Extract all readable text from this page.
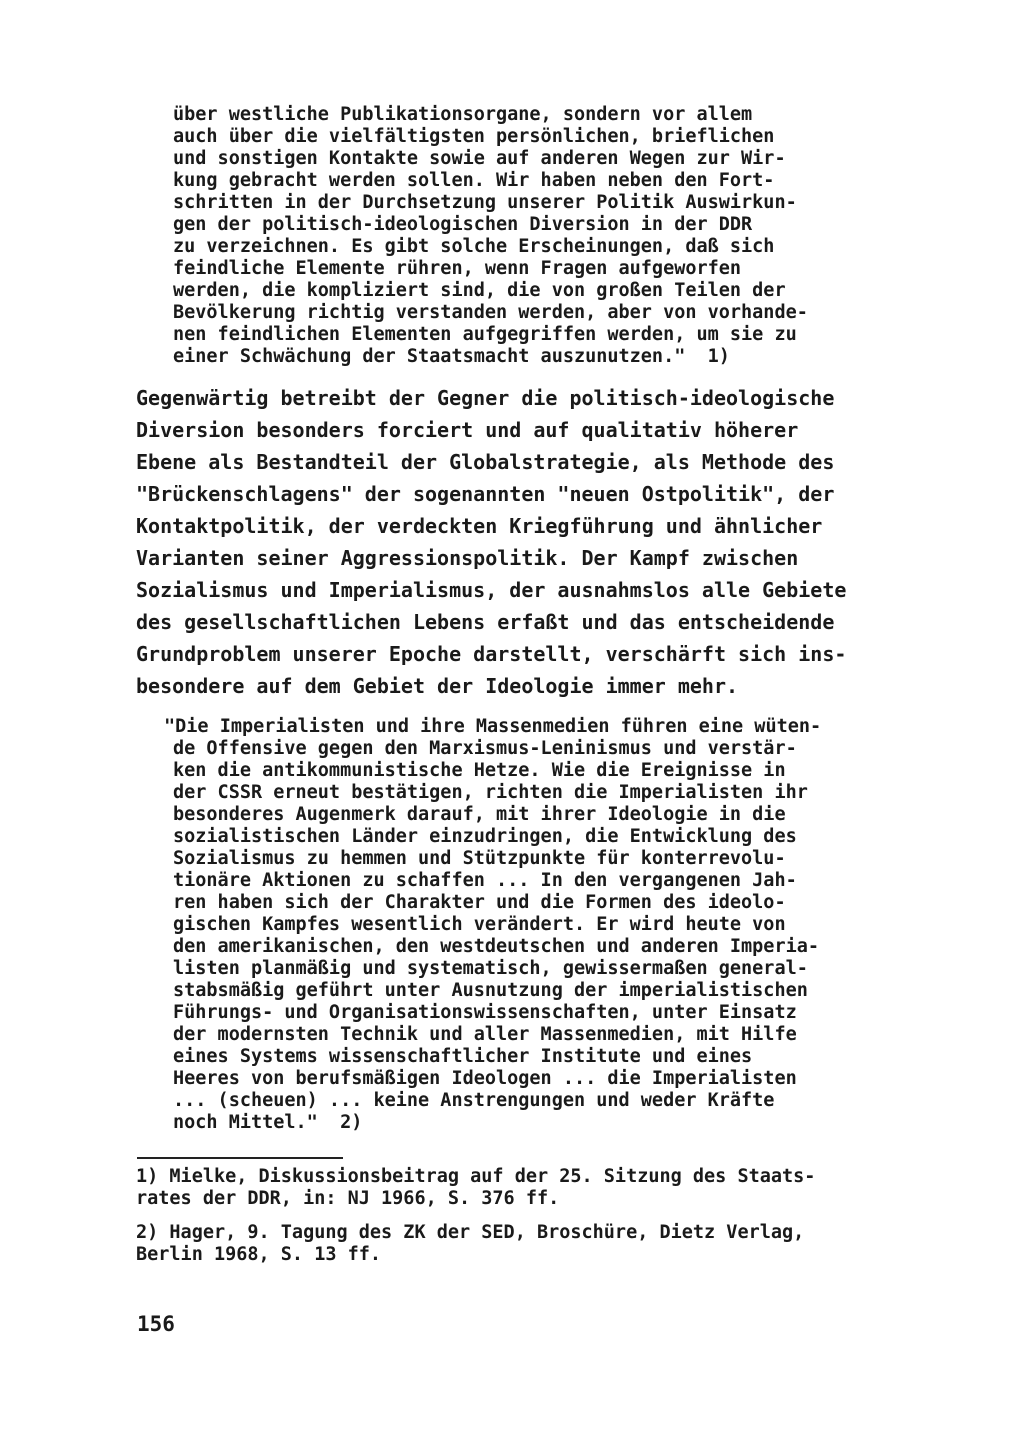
über westliche Publikationsorgane, sondern vor allem
auch über die vielfältigsten persönlichen, brieflichen
und sonstigen Kontakte sowie auf anderen Wegen zur Wir-
kung gebracht werden sollen. Wir haben neben den Fort-
schritten in der Durchsetzung unserer Politik Auswirkun-
gen der politisch-ideologischen Diversion in der DDR
zu verzeichnen. Es gibt solche Erscheinungen, daß sich
feindliche Elemente rühren, wenn Fragen aufgeworfen
werden, die kompliziert sind, die von großen Teilen der
Bevölkerung richtig verstanden werden, aber von vorhande-
nen feindlichen Elementen aufgegriffen werden, um sie zu
einer Schwächung der Staatsmacht auszunutzen."  1)
Gegenwärtig betreibt der Gegner die politisch-ideologische
Diversion besonders forciert und auf qualitativ höherer
Ebene als Bestandteil der Globalstrategie, als Methode des
"Brückenschlagens" der sogenannten "neuen Ostpolitik", der
Kontaktpolitik, der verdeckten Kriegführung und ähnlicher
Varianten seiner Aggressionspolitik. Der Kampf zwischen
Sozialismus und Imperialismus, der ausnahmslos alle Gebiete
des gesellschaftlichen Lebens erfaßt und das entscheidende
Grundproblem unserer Epoche darstellt, verschärft sich ins-
besondere auf dem Gebiet der Ideologie immer mehr.
"Die Imperialisten und ihre Massenmedien führen eine wüten-
de Offensive gegen den Marxismus-Leninismus und verstär-
ken die antikommunistische Hetze. Wie die Ereignisse in
der CSSR erneut bestätigen, richten die Imperialisten ihr
besonderes Augenmerk darauf, mit ihrer Ideologie in die
sozialistischen Länder einzudringen, die Entwicklung des
Sozialismus zu hemmen und Stützpunkte für konterrevolu-
tionäre Aktionen zu schaffen ... In den vergangenen Jah-
ren haben sich der Charakter und die Formen des ideolo-
gischen Kampfes wesentlich verändert. Er wird heute von
den amerikanischen, den westdeutschen und anderen Imperia-
listen planmäßig und systematisch, gewissermaßen general-
stabsmäßig geführt unter Ausnutzung der imperialistischen
Führungs- und Organisationswissenschaften, unter Einsatz
der modernsten Technik und aller Massenmedien, mit Hilfe
eines Systems wissenschaftlicher Institute und eines
Heeres von berufsmäßigen Ideologen ... die Imperialisten
... (scheuen) ... keine Anstrengungen und weder Kräfte
noch Mittel."  2)
1) Mielke, Diskussionsbeitrag auf der 25. Sitzung des Staats-
rates der DDR, in: NJ 1966, S. 376 ff.
2) Hager, 9. Tagung des ZK der SED, Broschüre, Dietz Verlag,
Berlin 1968, S. 13 ff.
156
